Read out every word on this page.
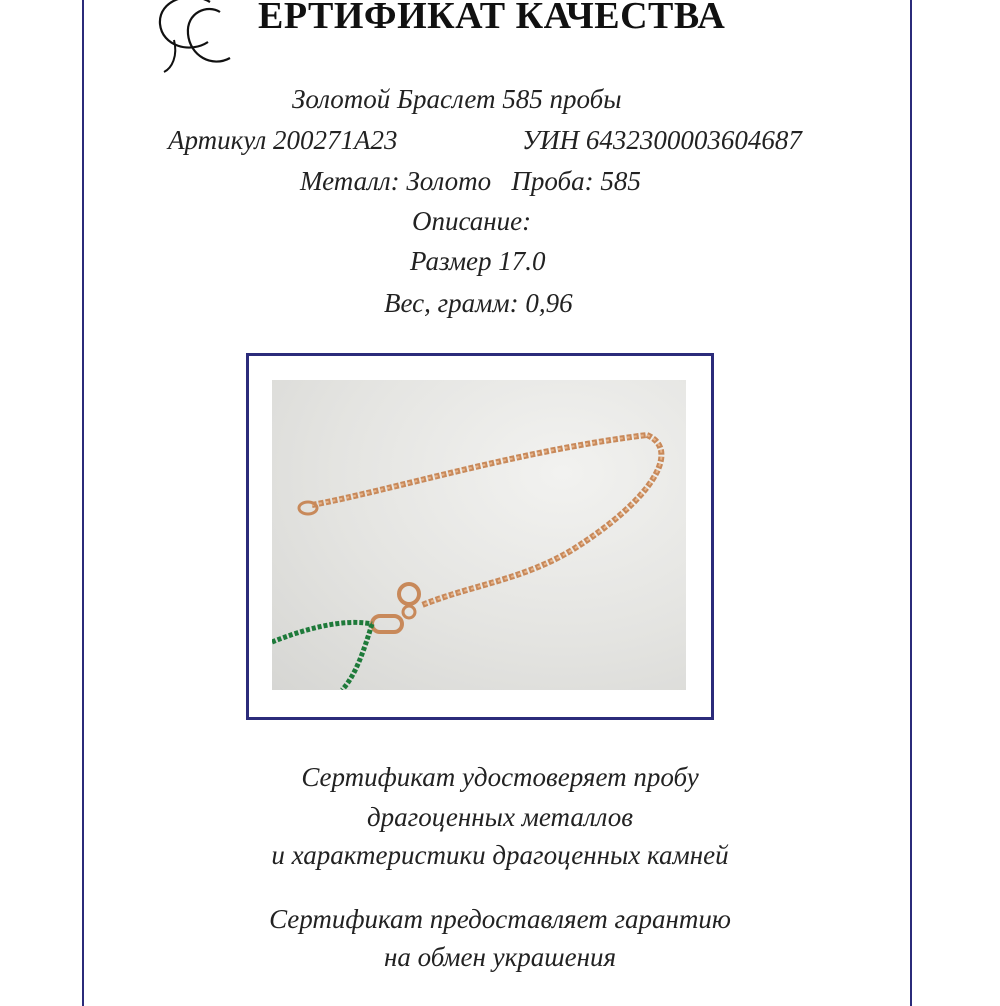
ЕРТИФИКАТ КАЧЕСТВА
Золотой Браслет 585 пробы
Артикул 200271А23	УИН 6432300003604687
Металл: Золото   Проба: 585
Описание:
Размер 17.0
Вес, грамм: 0,96
Сертификат удостоверяет пробу
драгоценных металлов
и характеристики драгоценных камней
Сертификат предоставляет гарантию
на обмен украшения
